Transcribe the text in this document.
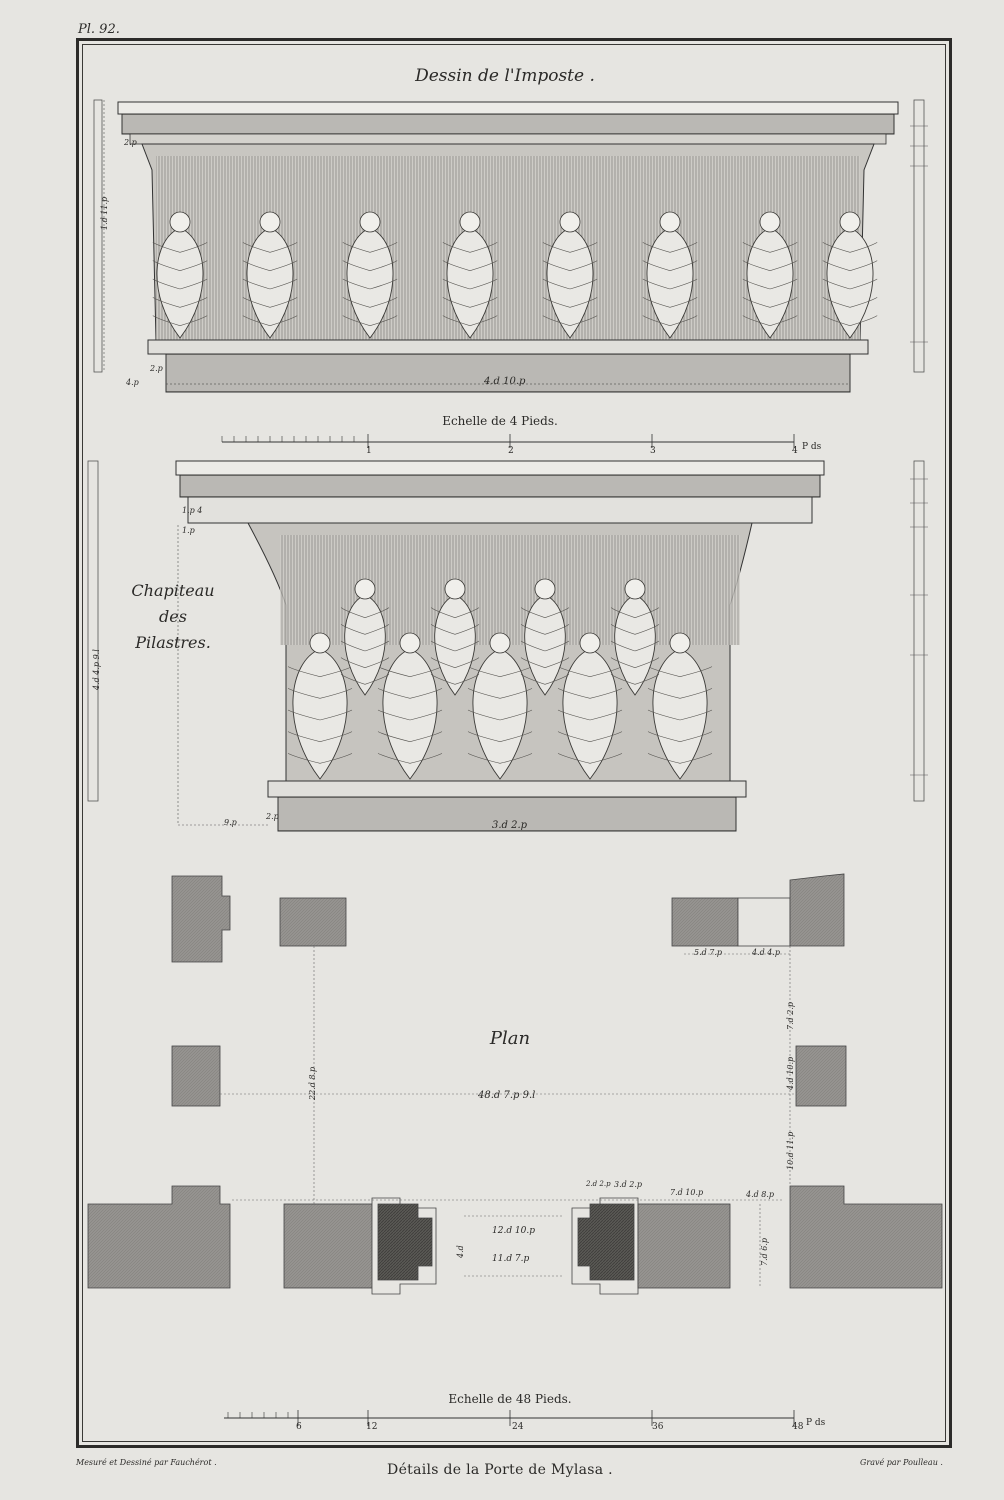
Pl. 92.
Dessin de l'Imposte .
1.d 11.p
2.p
2.p
4.p	4.d 10.p
Echelle de 4 Pieds.
1	2	3	4 P ds
Chapiteau
des
Pilastres.
4.d 4.p 9.l
1.p 4
1.p
9.p
2.p
3.d 2.p
Plan
48.d 7.p 9.l
22.d 8.p
5.d 7.p	4.d 4.p
7.d 2.p
4.d 10.p
10.d 11.p
12.d 10.p
11.d 7.p
4.d
2.d 2.p 3.d 2.p
7.d 10.p	4.d 8.p
7.d 6.p
Echelle de 48 Pieds.
6	12	24	36	48 P ds
Mesuré et Dessiné par Fauchérot .	Gravé par Poulleau .
Détails de la Porte de Mylasa .
